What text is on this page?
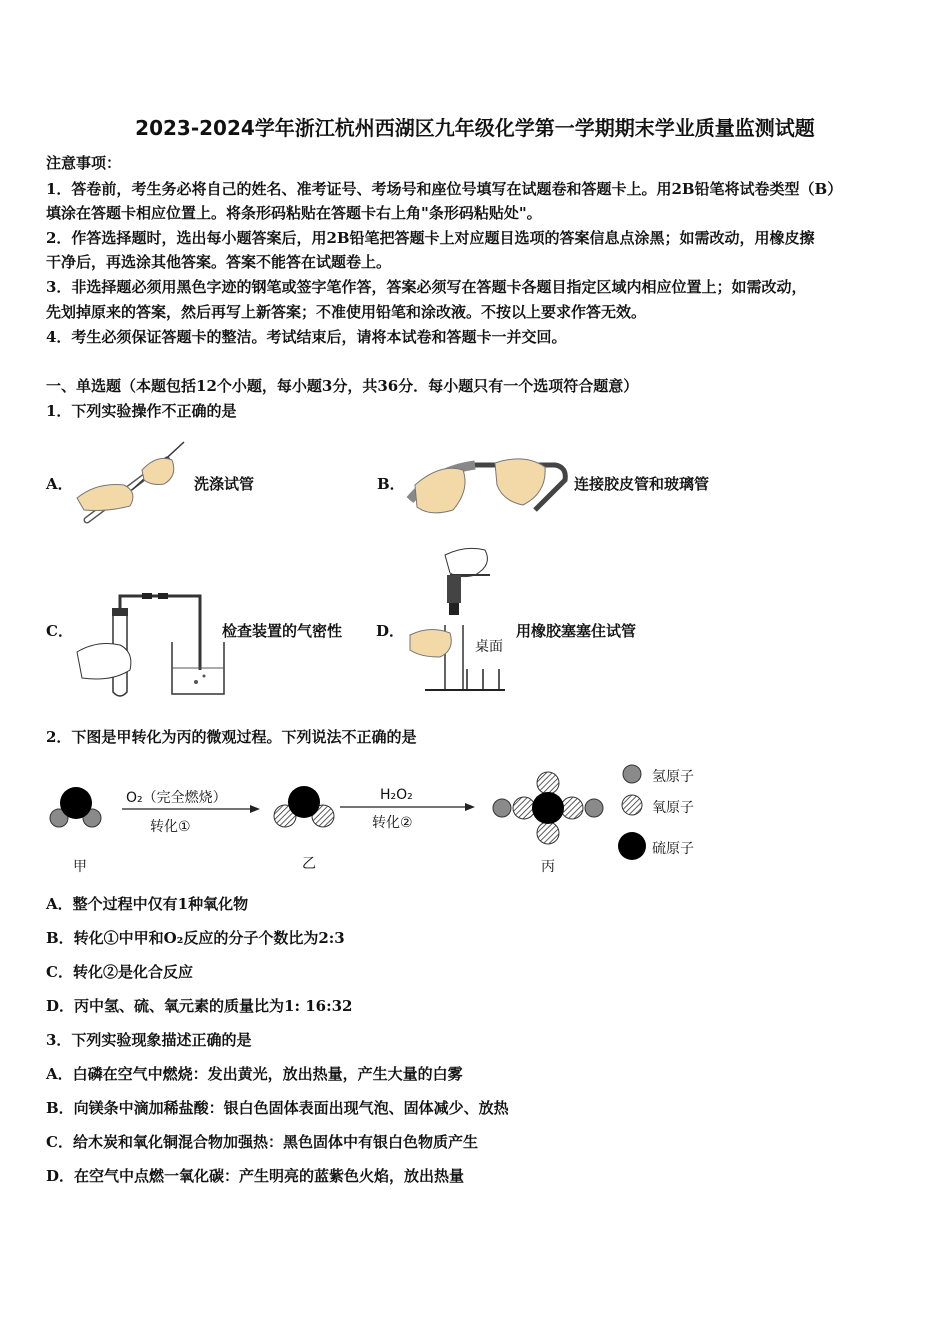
2023-2024学年浙江杭州西湖区九年级化学第一学期期末学业质量监测试题
注意事项：
1．答卷前，考生务必将自己的姓名、准考证号、考场号和座位号填写在试题卷和答题卡上。用2B铅笔将试卷类型（B）
填涂在答题卡相应位置上。将条形码粘贴在答题卡右上角"条形码粘贴处"。
2．作答选择题时，选出每小题答案后，用2B铅笔把答题卡上对应题目选项的答案信息点涂黑；如需改动，用橡皮擦
干净后，再选涂其他答案。答案不能答在试题卷上。
3．非选择题必须用黑色字迹的钢笔或签字笔作答，答案必须写在答题卡各题目指定区域内相应位置上；如需改动，
先划掉原来的答案，然后再写上新答案；不准使用铅笔和涂改液。不按以上要求作答无效。
4．考生必须保证答题卡的整洁。考试结束后，请将本试卷和答题卡一并交回。
一、单选题（本题包括12个小题，每小题3分，共36分．每小题只有一个选项符合题意）
1．下列实验操作不正确的是
A．	洗涤试管	B．	连接胶皮管和玻璃管
C．	检查装置的气密性 D．
桌面
用橡胶塞塞住试管
2．下图是甲转化为丙的微观过程。下列说法不正确的是
甲
O₂（完全燃烧）
转化①
乙
H₂O₂
转化②
丙
氢原子
氧原子
硫原子
A．整个过程中仅有1种氧化物
B．转化①中甲和O₂反应的分子个数比为2:3
C．转化②是化合反应
D．丙中氢、硫、氧元素的质量比为1: 16:32
3．下列实验现象描述正确的是
A．白磷在空气中燃烧：发出黄光，放出热量，产生大量的白雾
B．向镁条中滴加稀盐酸：银白色固体表面出现气泡、固体减少、放热
C．给木炭和氧化铜混合物加强热：黑色固体中有银白色物质产生
D．在空气中点燃一氧化碳：产生明亮的蓝紫色火焰，放出热量
